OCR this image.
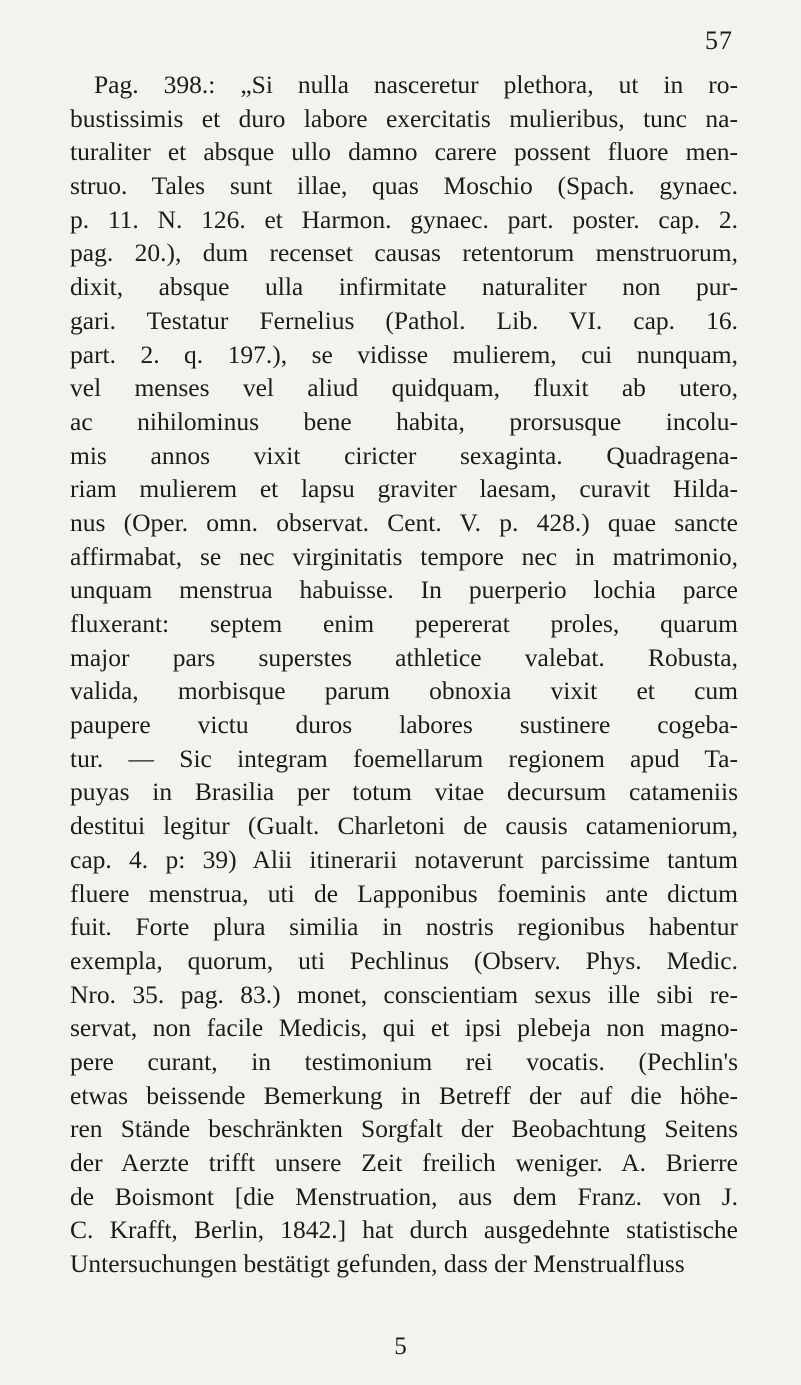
57
Pag. 398.: „Si nulla nasceretur plethora, ut in ro-
bustissimis et duro labore exercitatis mulieribus, tunc na-
turaliter et absque ullo damno carere possent fluore men-
struo. Tales sunt illae, quas Moschio (Spach. gynaec.
p. 11. N. 126. et Harmon. gynaec. part. poster. cap. 2.
pag. 20.), dum recenset causas retentorum menstruorum,
dixit, absque ulla infirmitate naturaliter non pur-
gari. Testatur Fernelius (Pathol. Lib. VI. cap. 16.
part. 2. q. 197.), se vidisse mulierem, cui nunquam,
vel menses vel aliud quidquam, fluxit ab utero,
ac nihilominus bene habita, prorsusque incolu-
mis annos vixit ciricter sexaginta. Quadragena-
riam mulierem et lapsu graviter laesam, curavit Hilda-
nus (Oper. omn. observat. Cent. V. p. 428.) quae sancte
affirmabat, se nec virginitatis tempore nec in matrimonio,
unquam menstrua habuisse. In puerperio lochia parce
fluxerant: septem enim pepererat proles, quarum
major pars superstes athletice valebat. Robusta,
valida, morbisque parum obnoxia vixit et cum
paupere victu duros labores sustinere cogeba-
tur. — Sic integram foemellarum regionem apud Ta-
puyas in Brasilia per totum vitae decursum catameniis
destitui legitur (Gualt. Charletoni de causis catameniorum,
cap. 4. p: 39) Alii itinerarii notaverunt parcissime tantum
fluere menstrua, uti de Lapponibus foeminis ante dictum
fuit. Forte plura similia in nostris regionibus habentur
exempla, quorum, uti Pechlinus (Observ. Phys. Medic.
Nro. 35. pag. 83.) monet, conscientiam sexus ille sibi re-
servat, non facile Medicis, qui et ipsi plebeja non magno-
pere curant, in testimonium rei vocatis. (Pechlin's
etwas beissende Bemerkung in Betreff der auf die höhe-
ren Stände beschränkten Sorgfalt der Beobachtung Seitens
der Aerzte trifft unsere Zeit freilich weniger. A. Brierre
de Boismont [die Menstruation, aus dem Franz. von J.
C. Krafft, Berlin, 1842.] hat durch ausgedehnte statistische
Untersuchungen bestätigt gefunden, dass der Menstrualfluss
5
